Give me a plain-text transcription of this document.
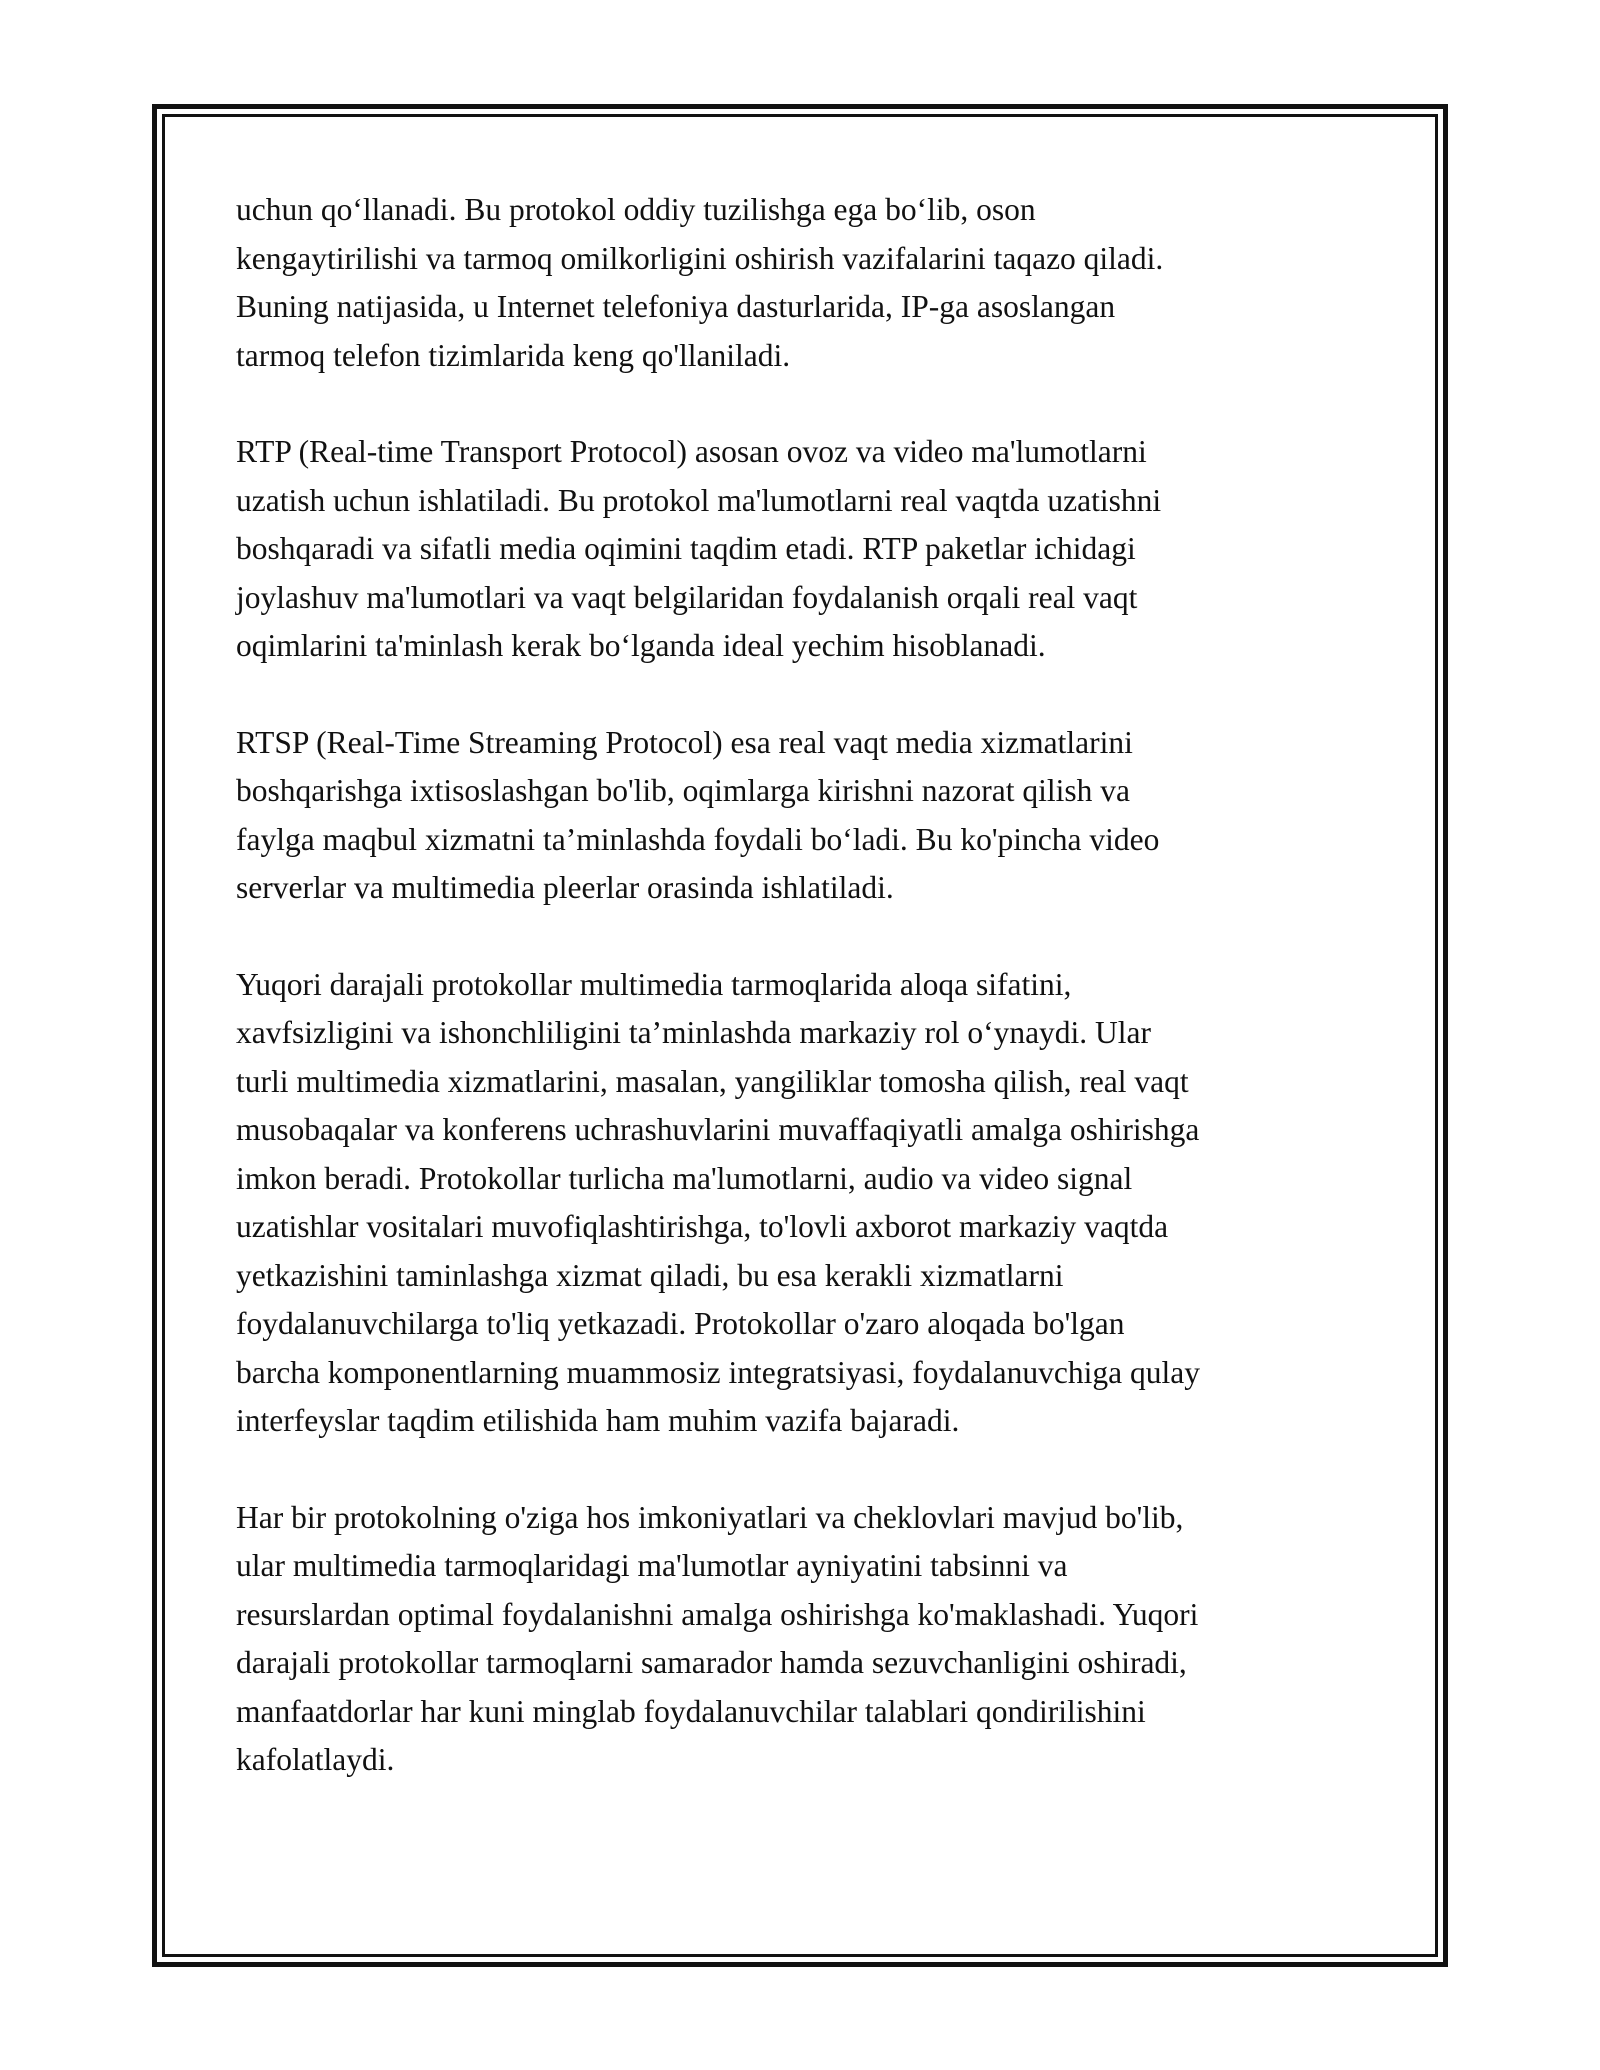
uchun qo‘llanadi. Bu protokol oddiy tuzilishga ega bo‘lib, oson
kengaytirilishi va tarmoq omilkorligini oshirish vazifalarini taqazo qiladi.
Buning natijasida, u Internet telefoniya dasturlarida, IP-ga asoslangan
tarmoq telefon tizimlarida keng qo'llaniladi.

RTP (Real-time Transport Protocol) asosan ovoz va video ma'lumotlarni
uzatish uchun ishlatiladi. Bu protokol ma'lumotlarni real vaqtda uzatishni
boshqaradi va sifatli media oqimini taqdim etadi. RTP paketlar ichidagi
joylashuv ma'lumotlari va vaqt belgilaridan foydalanish orqali real vaqt
oqimlarini ta'minlash kerak bo‘lganda ideal yechim hisoblanadi.

RTSP (Real-Time Streaming Protocol) esa real vaqt media xizmatlarini
boshqarishga ixtisoslashgan bo'lib, oqimlarga kirishni nazorat qilish va
faylga maqbul xizmatni ta’minlashda foydali bo‘ladi. Bu ko'pincha video
serverlar va multimedia pleerlar orasinda ishlatiladi.

Yuqori darajali protokollar multimedia tarmoqlarida aloqa sifatini,
xavfsizligini va ishonchliligini ta’minlashda markaziy rol o‘ynaydi. Ular
turli multimedia xizmatlarini, masalan, yangiliklar tomosha qilish, real vaqt
musobaqalar va konferens uchrashuvlarini muvaffaqiyatli amalga oshirishga
imkon beradi. Protokollar turlicha ma'lumotlarni, audio va video signal
uzatishlar vositalari muvofiqlashtirishga, to'lovli axborot markaziy vaqtda
yetkazishini taminlashga xizmat qiladi, bu esa kerakli xizmatlarni
foydalanuvchilarga to'liq yetkazadi. Protokollar o'zaro aloqada bo'lgan
barcha komponentlarning muammosiz integratsiyasi, foydalanuvchiga qulay
interfeyslar taqdim etilishida ham muhim vazifa bajaradi.

Har bir protokolning o'ziga hos imkoniyatlari va cheklovlari mavjud bo'lib,
ular multimedia tarmoqlaridagi ma'lumotlar ayniyatini tabsinni va
resurslardan optimal foydalanishni amalga oshirishga ko'maklashadi. Yuqori
darajali protokollar tarmoqlarni samarador hamda sezuvchanligini oshiradi,
manfaatdorlar har kuni minglab foydalanuvchilar talablari qondirilishini
kafolatlaydi.
